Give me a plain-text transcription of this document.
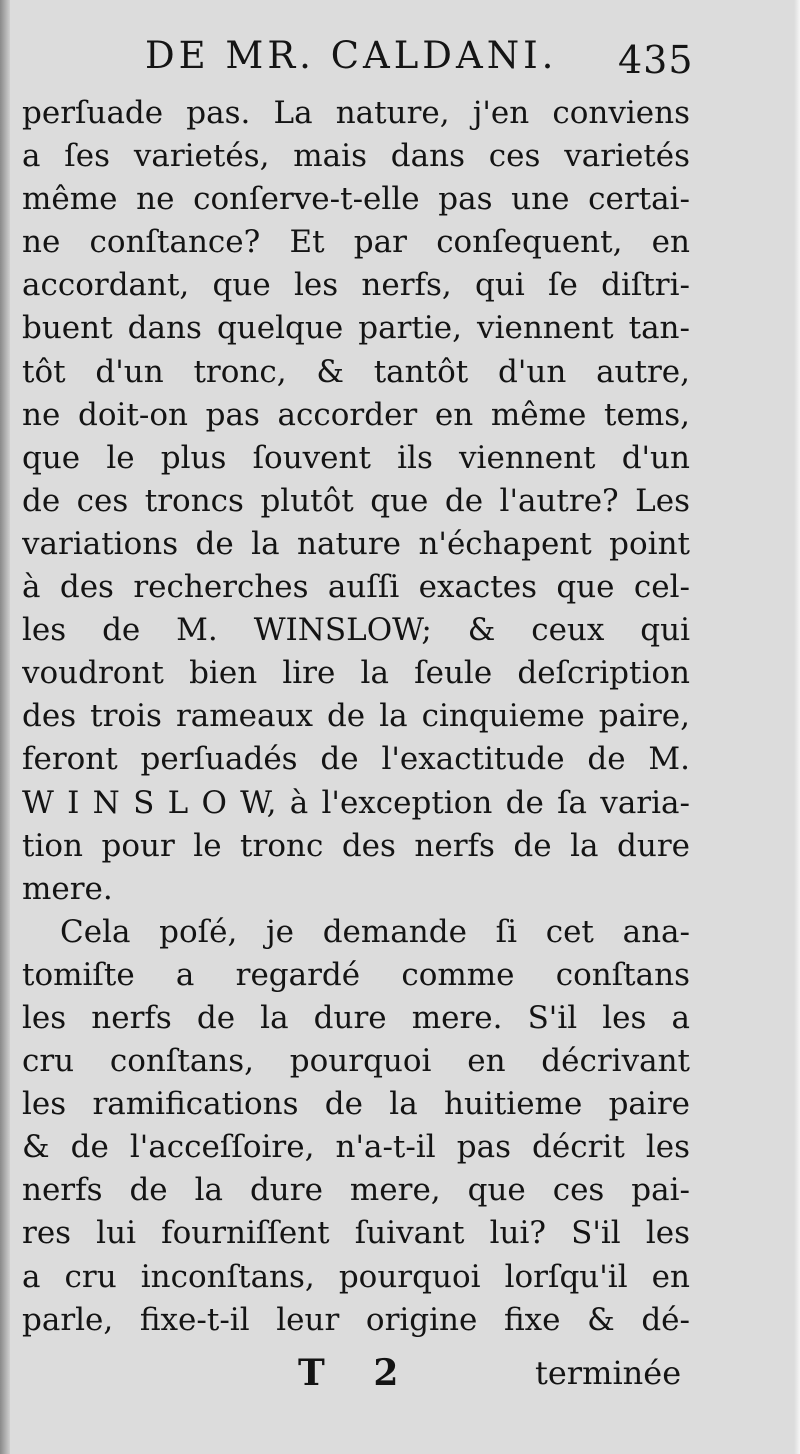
DE MR. CALDANI. 435
perſuade pas. La nature, j'en conviens
a ſes varietés, mais dans ces varietés
même ne conſerve-t-elle pas une certai-
ne conſtance? Et par conſequent, en
accordant, que les nerfs, qui ſe diſtri-
buent dans quelque partie, viennent tan-
tôt d'un tronc, & tantôt d'un autre,
ne doit-on pas accorder en même tems,
que le plus ſouvent ils viennent d'un
de ces troncs plutôt que de l'autre? Les
variations de la nature n'échapent point
à des recherches auſſi exactes que cel-
les de M. WINSLOW; & ceux qui
voudront bien lire la ſeule deſcription
des trois rameaux de la cinquieme paire,
feront perſuadés de l'exactitude de M.
W I N S L O W, à l'exception de ſa varia-
tion pour le tronc des nerfs de la dure
mere.
Cela poſé, je demande ſi cet ana-
tomiſte a regardé comme conſtans
les nerfs de la dure mere. S'il les a
cru conſtans, pourquoi en décrivant
les ramifications de la huitieme paire
& de l'acceſſoire, n'a-t-il pas décrit les
nerfs de la dure mere, que ces pai-
res lui fourniſſent ſuivant lui? S'il les
a cru inconſtans, pourquoi lorſqu'il en
parle, fixe-t-il leur origine fixe & dé-
T 2	terminée
